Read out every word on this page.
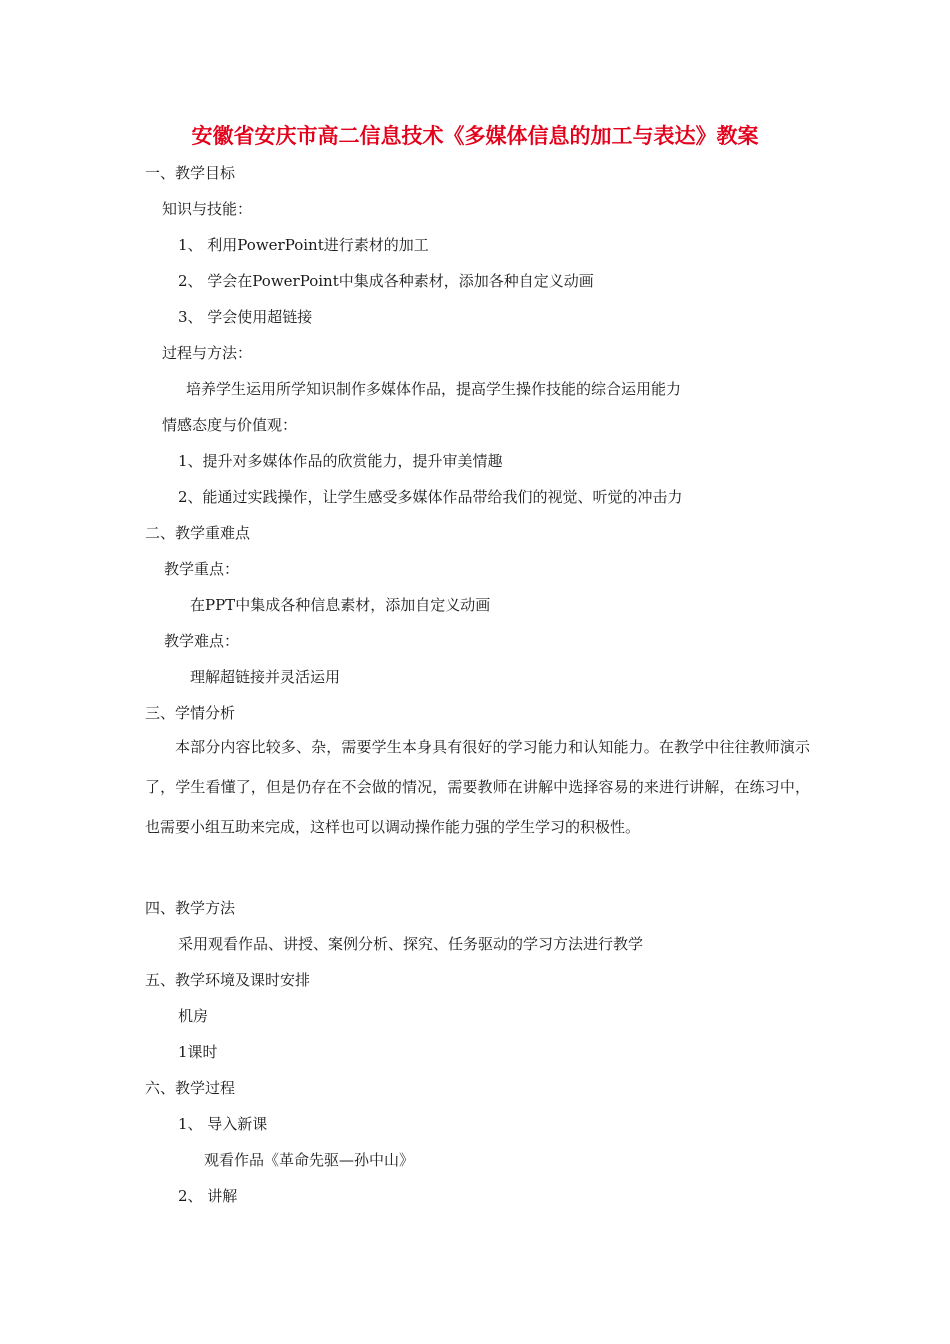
安徽省安庆市高二信息技术《多媒体信息的加工与表达》教案
一、教学目标
知识与技能：
1、 利用PowerPoint进行素材的加工
2、 学会在PowerPoint中集成各种素材，添加各种自定义动画
3、 学会使用超链接
过程与方法：
培养学生运用所学知识制作多媒体作品，提高学生操作技能的综合运用能力
情感态度与价值观：
1、提升对多媒体作品的欣赏能力，提升审美情趣
2、能通过实践操作，让学生感受多媒体作品带给我们的视觉、听觉的冲击力
二、教学重难点
教学重点：
在PPT中集成各种信息素材，添加自定义动画
教学难点：
理解超链接并灵活运用
三、学情分析
本部分内容比较多、杂，需要学生本身具有很好的学习能力和认知能力。在教学中往往教师演示了，学生看懂了，但是仍存在不会做的情况，需要教师在讲解中选择容易的来进行讲解，在练习中，也需要小组互助来完成，这样也可以调动操作能力强的学生学习的积极性。
四、教学方法
采用观看作品、讲授、案例分析、探究、任务驱动的学习方法进行教学
五、教学环境及课时安排
机房
1课时
六、教学过程
1、 导入新课
观看作品《革命先驱—孙中山》
2、 讲解
